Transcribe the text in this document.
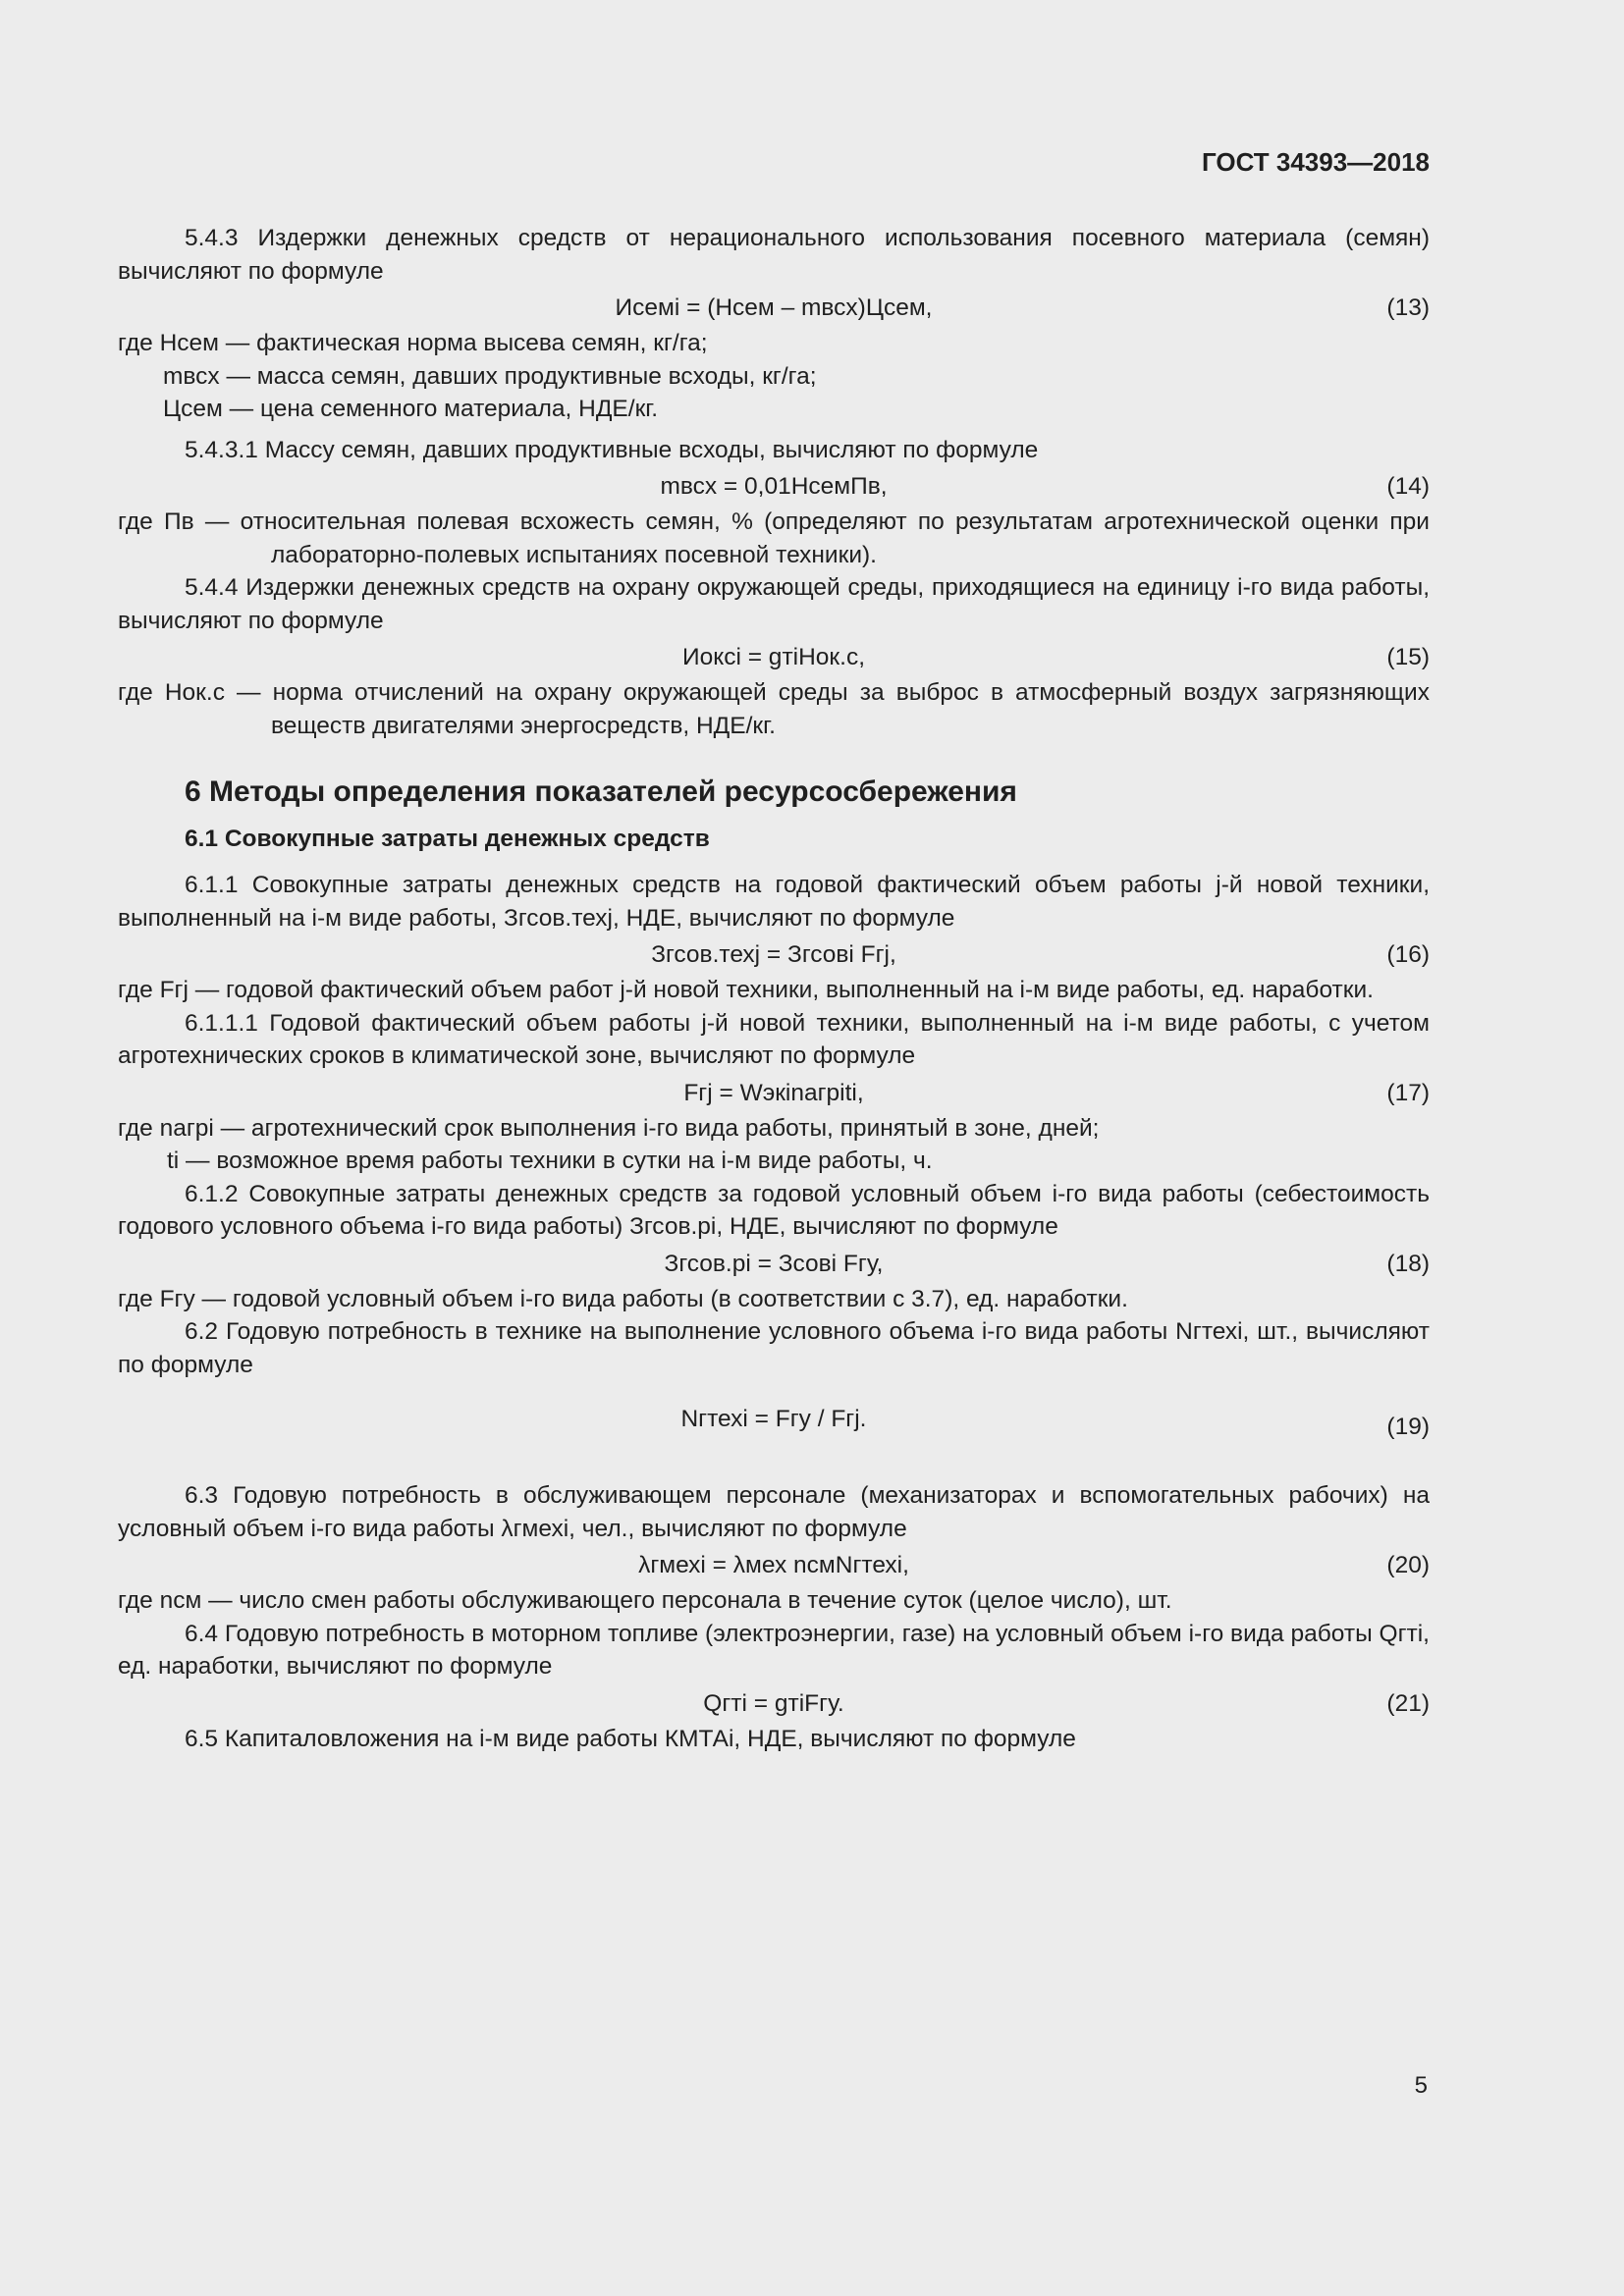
ГОСТ 34393—2018

5.4.3 Издержки денежных средств от нерационального использования посевного материала (семян) вычисляют по формуле

Исемi = (Нсем – mвсх)Цсем,	(13)

где Нсем — фактическая норма высева семян, кг/га;

mвсх — масса семян, давших продуктивные всходы, кг/га;

Цсем — цена семенного материала, НДЕ/кг.

5.4.3.1 Массу семян, давших продуктивные всходы, вычисляют по формуле

mвсх = 0,01НсемПв,	(14)

где Пв — относительная полевая всхожесть семян, % (определяют по результатам агротехнической оценки при лабораторно-полевых испытаниях посевной техники).

5.4.4 Издержки денежных средств на охрану окружающей среды, приходящиеся на единицу i-го вида работы, вычисляют по формуле

Иоксi = gтiНок.с,	(15)

где Нок.с — норма отчислений на охрану окружающей среды за выброс в атмосферный воздух загрязняющих веществ двигателями энергосредств, НДЕ/кг.

6 Методы определения показателей ресурсосбережения
6.1 Совокупные затраты денежных средств

6.1.1 Совокупные затраты денежных средств на годовой фактический объем работы j-й новой техники, выполненный на i-м виде работы, Згсов.техj, НДЕ, вычисляют по формуле

Згсов.техj = Згсовi Fгj,	(16)

где Fгj — годовой фактический объем работ j-й новой техники, выполненный на i-м виде работы, ед. наработки.

6.1.1.1 Годовой фактический объем работы j-й новой техники, выполненный на i-м виде работы, с учетом агротехнических сроков в климатической зоне, вычисляют по формуле

Fгj = Wэкinагрiti,	(17)

где nагрi — агротехнический срок выполнения i-го вида работы, принятый в зоне, дней;

ti — возможное время работы техники в сутки на i-м виде работы, ч.

6.1.2 Совокупные затраты денежных средств за годовой условный объем i-го вида работы (себестоимость годового условного объема i-го вида работы) Згсов.рi, НДЕ, вычисляют по формуле

Згсов.рi = Зсовi Fгу,	(18)

где Fгу — годовой условный объем i-го вида работы (в соответствии с 3.7), ед. наработки.

6.2 Годовую потребность в технике на выполнение условного объема i-го вида работы Nгтехi, шт., вычисляют по формуле

Nгтехi = Fгу / Fгj.	(19)

6.3 Годовую потребность в обслуживающем персонале (механизаторах и вспомогательных рабочих) на условный объем i-го вида работы λгмехi, чел., вычисляют по формуле

λгмехi = λмех nсмNгтехi,	(20)

где nсм — число смен работы обслуживающего персонала в течение суток (целое число), шт.

6.4 Годовую потребность в моторном топливе (электроэнергии, газе) на условный объем i-го вида работы Qгтi, ед. наработки, вычисляют по формуле

Qгтi = gтiFгу.	(21)

6.5 Капиталовложения на i-м виде работы КМТАi, НДЕ, вычисляют по формуле

5
